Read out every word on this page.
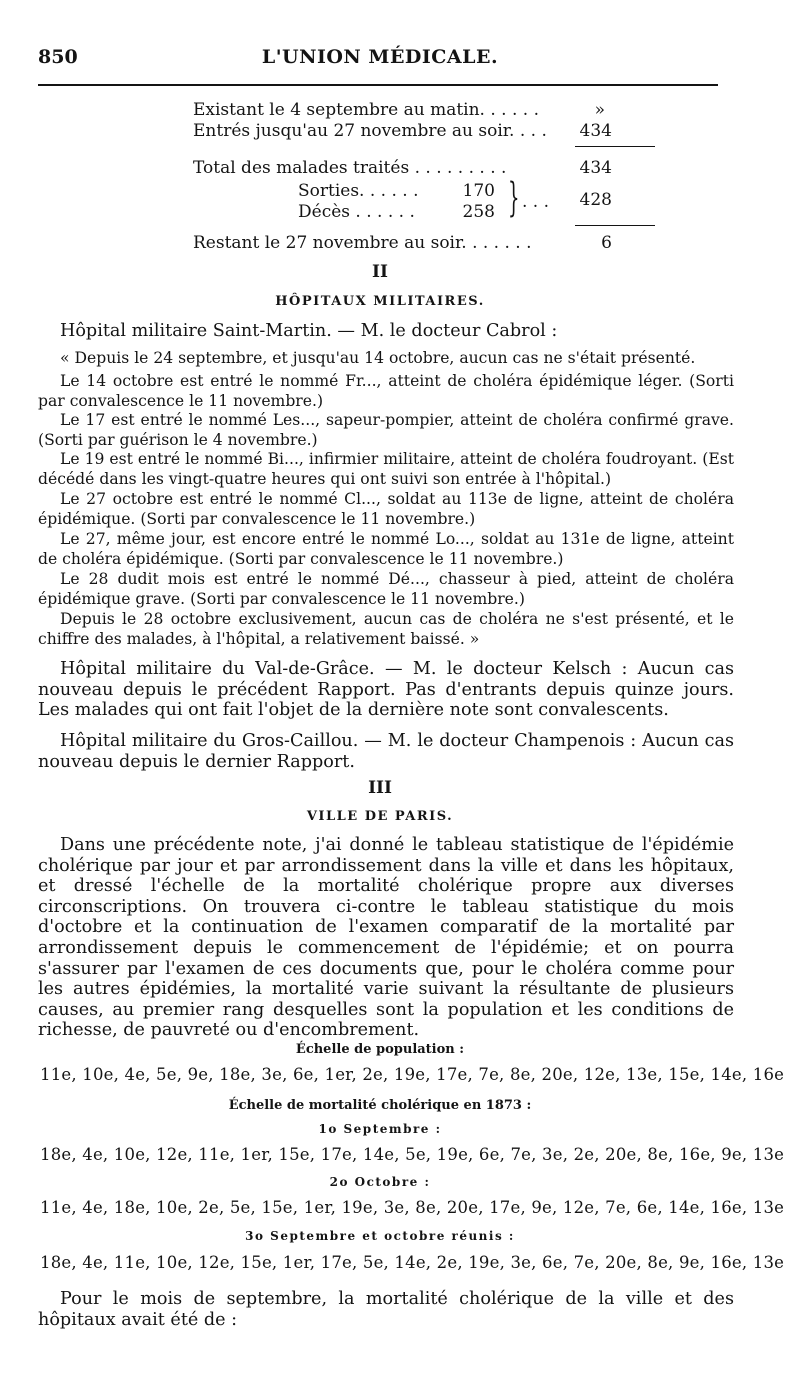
850	L'UNION MÉDICALE.
Existant le 4 septembre au matin. . . . . .	»
Entrés jusqu'au 27 novembre au soir. . . . 434
Total des malades traités . . . . . . . . .	434
Sorties. . . . . .	170
Décès . . . . . .	258 } . . . 428
Restant le 27 novembre au soir. . . . . . .	6
II
HÔPITAUX MILITAIRES.
Hôpital militaire Saint-Martin. — M. le docteur Cabrol :
« Depuis le 24 septembre, et jusqu'au 14 octobre, aucun cas ne s'était présenté.
Le 14 octobre est entré le nommé Fr..., atteint de choléra épidémique léger. (Sorti par convalescence le 11 novembre.)
Le 17 est entré le nommé Les..., sapeur-pompier, atteint de choléra confirmé grave. (Sorti par guérison le 4 novembre.)
Le 19 est entré le nommé Bi..., infirmier militaire, atteint de choléra foudroyant. (Est décédé dans les vingt-quatre heures qui ont suivi son entrée à l'hôpital.)
Le 27 octobre est entré le nommé Cl..., soldat au 113e de ligne, atteint de choléra épidémique. (Sorti par convalescence le 11 novembre.)
Le 27, même jour, est encore entré le nommé Lo..., soldat au 131e de ligne, atteint de choléra épidémique. (Sorti par convalescence le 11 novembre.)
Le 28 dudit mois est entré le nommé Dé..., chasseur à pied, atteint de choléra épidémique grave. (Sorti par convalescence le 11 novembre.)
Depuis le 28 octobre exclusivement, aucun cas de choléra ne s'est présenté, et le chiffre des malades, à l'hôpital, a relativement baissé. »
Hôpital militaire du Val-de-Grâce. — M. le docteur Kelsch : Aucun cas nouveau depuis le précédent Rapport. Pas d'entrants depuis quinze jours. Les malades qui ont fait l'objet de la dernière note sont convalescents.
Hôpital militaire du Gros-Caillou. — M. le docteur Champenois : Aucun cas nouveau depuis le dernier Rapport.
III
VILLE DE PARIS.
Dans une précédente note, j'ai donné le tableau statistique de l'épidémie cholérique par jour et par arrondissement dans la ville et dans les hôpitaux, et dressé l'échelle de la mortalité cholérique propre aux diverses circonscriptions. On trouvera ci-contre le tableau statistique du mois d'octobre et la continuation de l'examen comparatif de la mortalité par arrondissement depuis le commencement de l'épidémie; et on pourra s'assurer par l'examen de ces documents que, pour le choléra comme pour les autres épidémies, la mortalité varie suivant la résultante de plusieurs causes, au premier rang desquelles sont la population et les conditions de richesse, de pauvreté ou d'encombrement.
Échelle de population :
11e, 10e, 4e, 5e, 9e, 18e, 3e, 6e, 1er, 2e, 19e, 17e, 7e, 8e, 20e, 12e, 13e, 15e, 14e, 16e
Échelle de mortalité cholérique en 1873 :
1o Septembre :
18e, 4e, 10e, 12e, 11e, 1er, 15e, 17e, 14e, 5e, 19e, 6e, 7e, 3e, 2e, 20e, 8e, 16e, 9e, 13e
2o Octobre :
11e, 4e, 18e, 10e, 2e, 5e, 15e, 1er, 19e, 3e, 8e, 20e, 17e, 9e, 12e, 7e, 6e, 14e, 16e, 13e
3o Septembre et octobre réunis :
18e, 4e, 11e, 10e, 12e, 15e, 1er, 17e, 5e, 14e, 2e, 19e, 3e, 6e, 7e, 20e, 8e, 9e, 16e, 13e
Pour le mois de septembre, la mortalité cholérique de la ville et des hôpitaux avait été de :
